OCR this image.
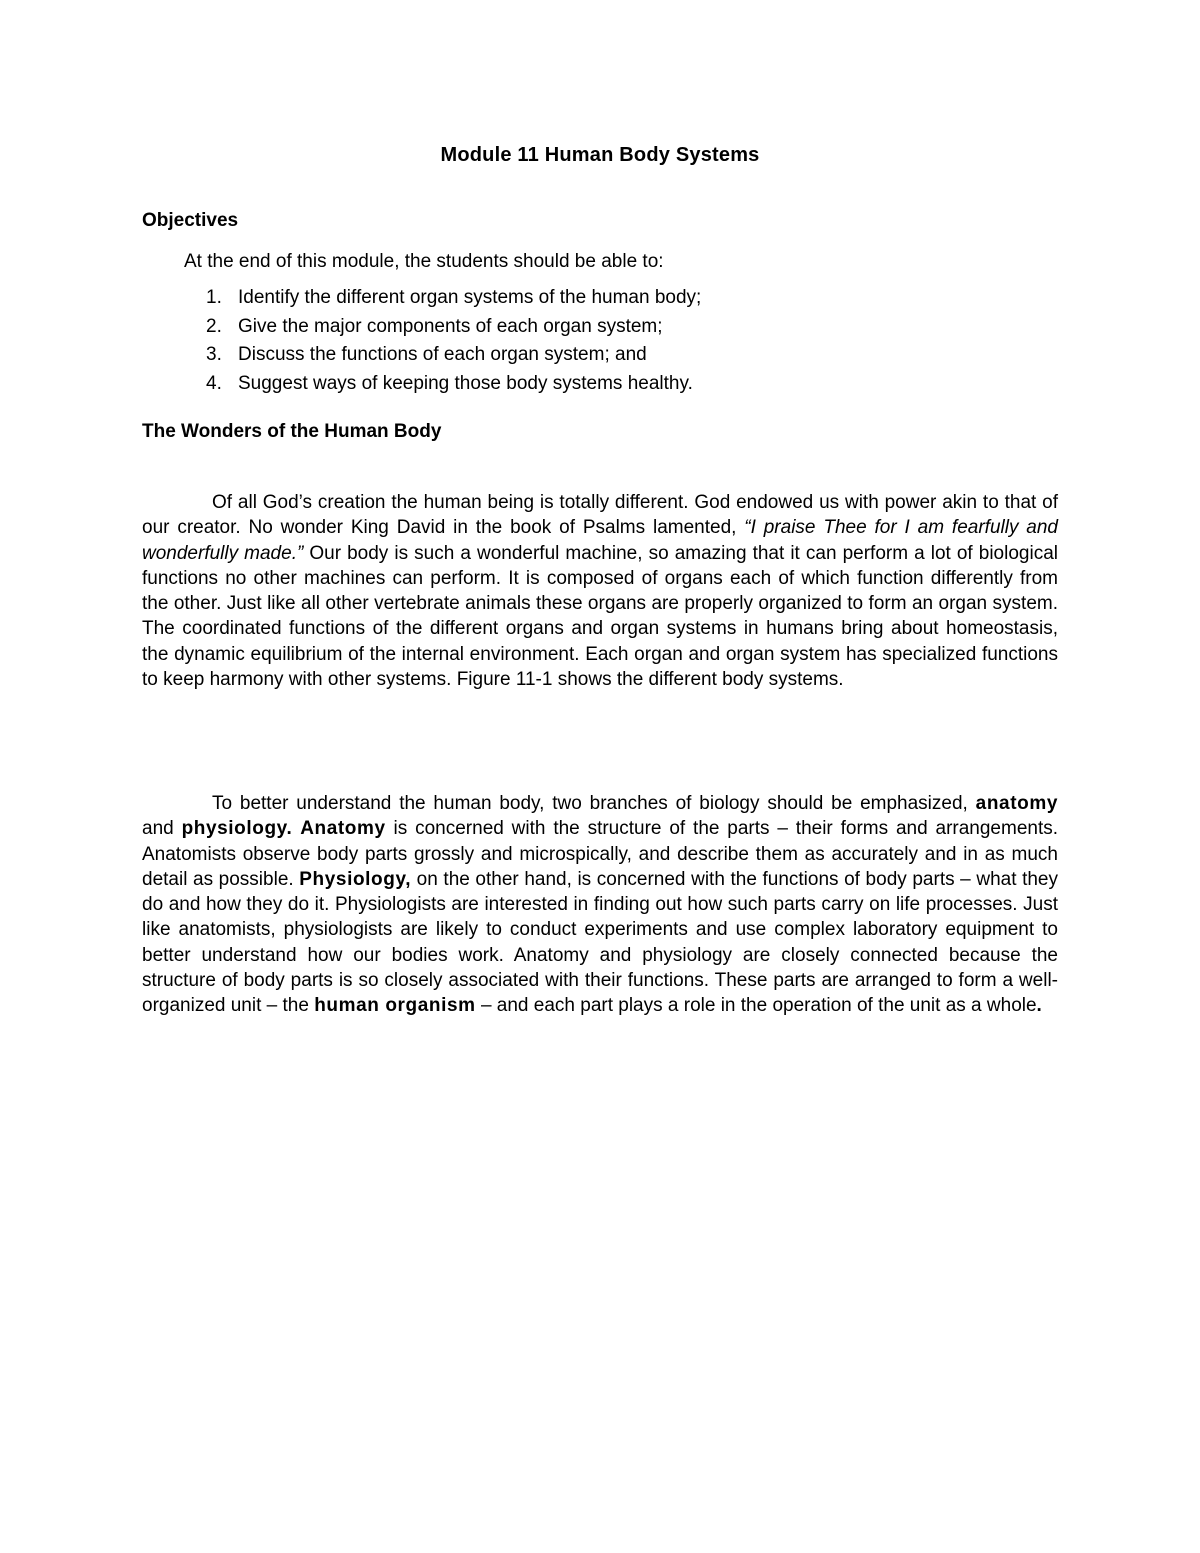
Module 11 Human Body Systems
Objectives
At the end of this module, the students should be able to:
1. Identify the different organ systems of the human body;
2. Give the major components of each organ system;
3. Discuss the functions of each organ system; and
4. Suggest ways of keeping those body systems healthy.
The Wonders of the Human Body

Of all God’s creation the human being is totally different. God endowed us with power akin to that of our creator. No wonder King David in the book of Psalms lamented, “I praise Thee for I am fearfully and wonderfully made.” Our body is such a wonderful machine, so amazing that it can perform a lot of biological functions no other machines can perform. It is composed of organs each of which function differently from the other. Just like all other vertebrate animals these organs are properly organized to form an organ system. The coordinated functions of the different organs and organ systems in humans bring about homeostasis, the dynamic equilibrium of the internal environment. Each organ and organ system has specialized functions to keep harmony with other systems. Figure 11-1 shows the different body systems.

To better understand the human body, two branches of biology should be emphasized, anatomy and physiology. Anatomy is concerned with the structure of the parts – their forms and arrangements. Anatomists observe body parts grossly and microspically, and describe them as accurately and in as much detail as possible. Physiology, on the other hand, is concerned with the functions of body parts – what they do and how they do it. Physiologists are interested in finding out how such parts carry on life processes. Just like anatomists, physiologists are likely to conduct experiments and use complex laboratory equipment to better understand how our bodies work. Anatomy and physiology are closely connected because the structure of body parts is so closely associated with their functions. These parts are arranged to form a well-organized unit – the human organism – and each part plays a role in the operation of the unit as a whole.
